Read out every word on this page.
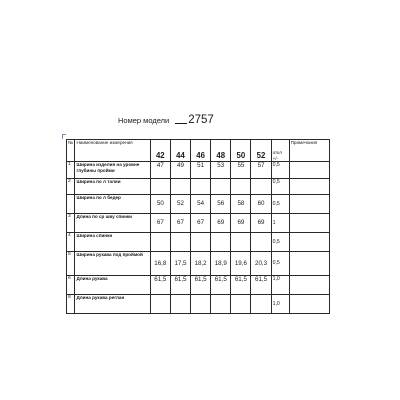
Номер модели 2757
№	Наименование измерения	42	44	46	48	50	52	откл +/-	Примечания
1	Ширина изделия на уровне глубины пройми	47	49	51	53	55	57	0,5	
2	Ширина по л талии							0,5	
	Ширина по л бедер	50	52	54	56	58	60	0,5	
3	Длина по ср шву спинки	67	67	67	69	69	69	1	
4	Ширина спинки							0,5	
5	Ширина рукава под проймой	16,8	17,5	18,2	18,9	19,6	20,3	0,5	
6	Длина рукава	61,5	61,5	61,5	61,5	61,5	61,5	1,0	
8	Длина рукава реглан							1,0	
